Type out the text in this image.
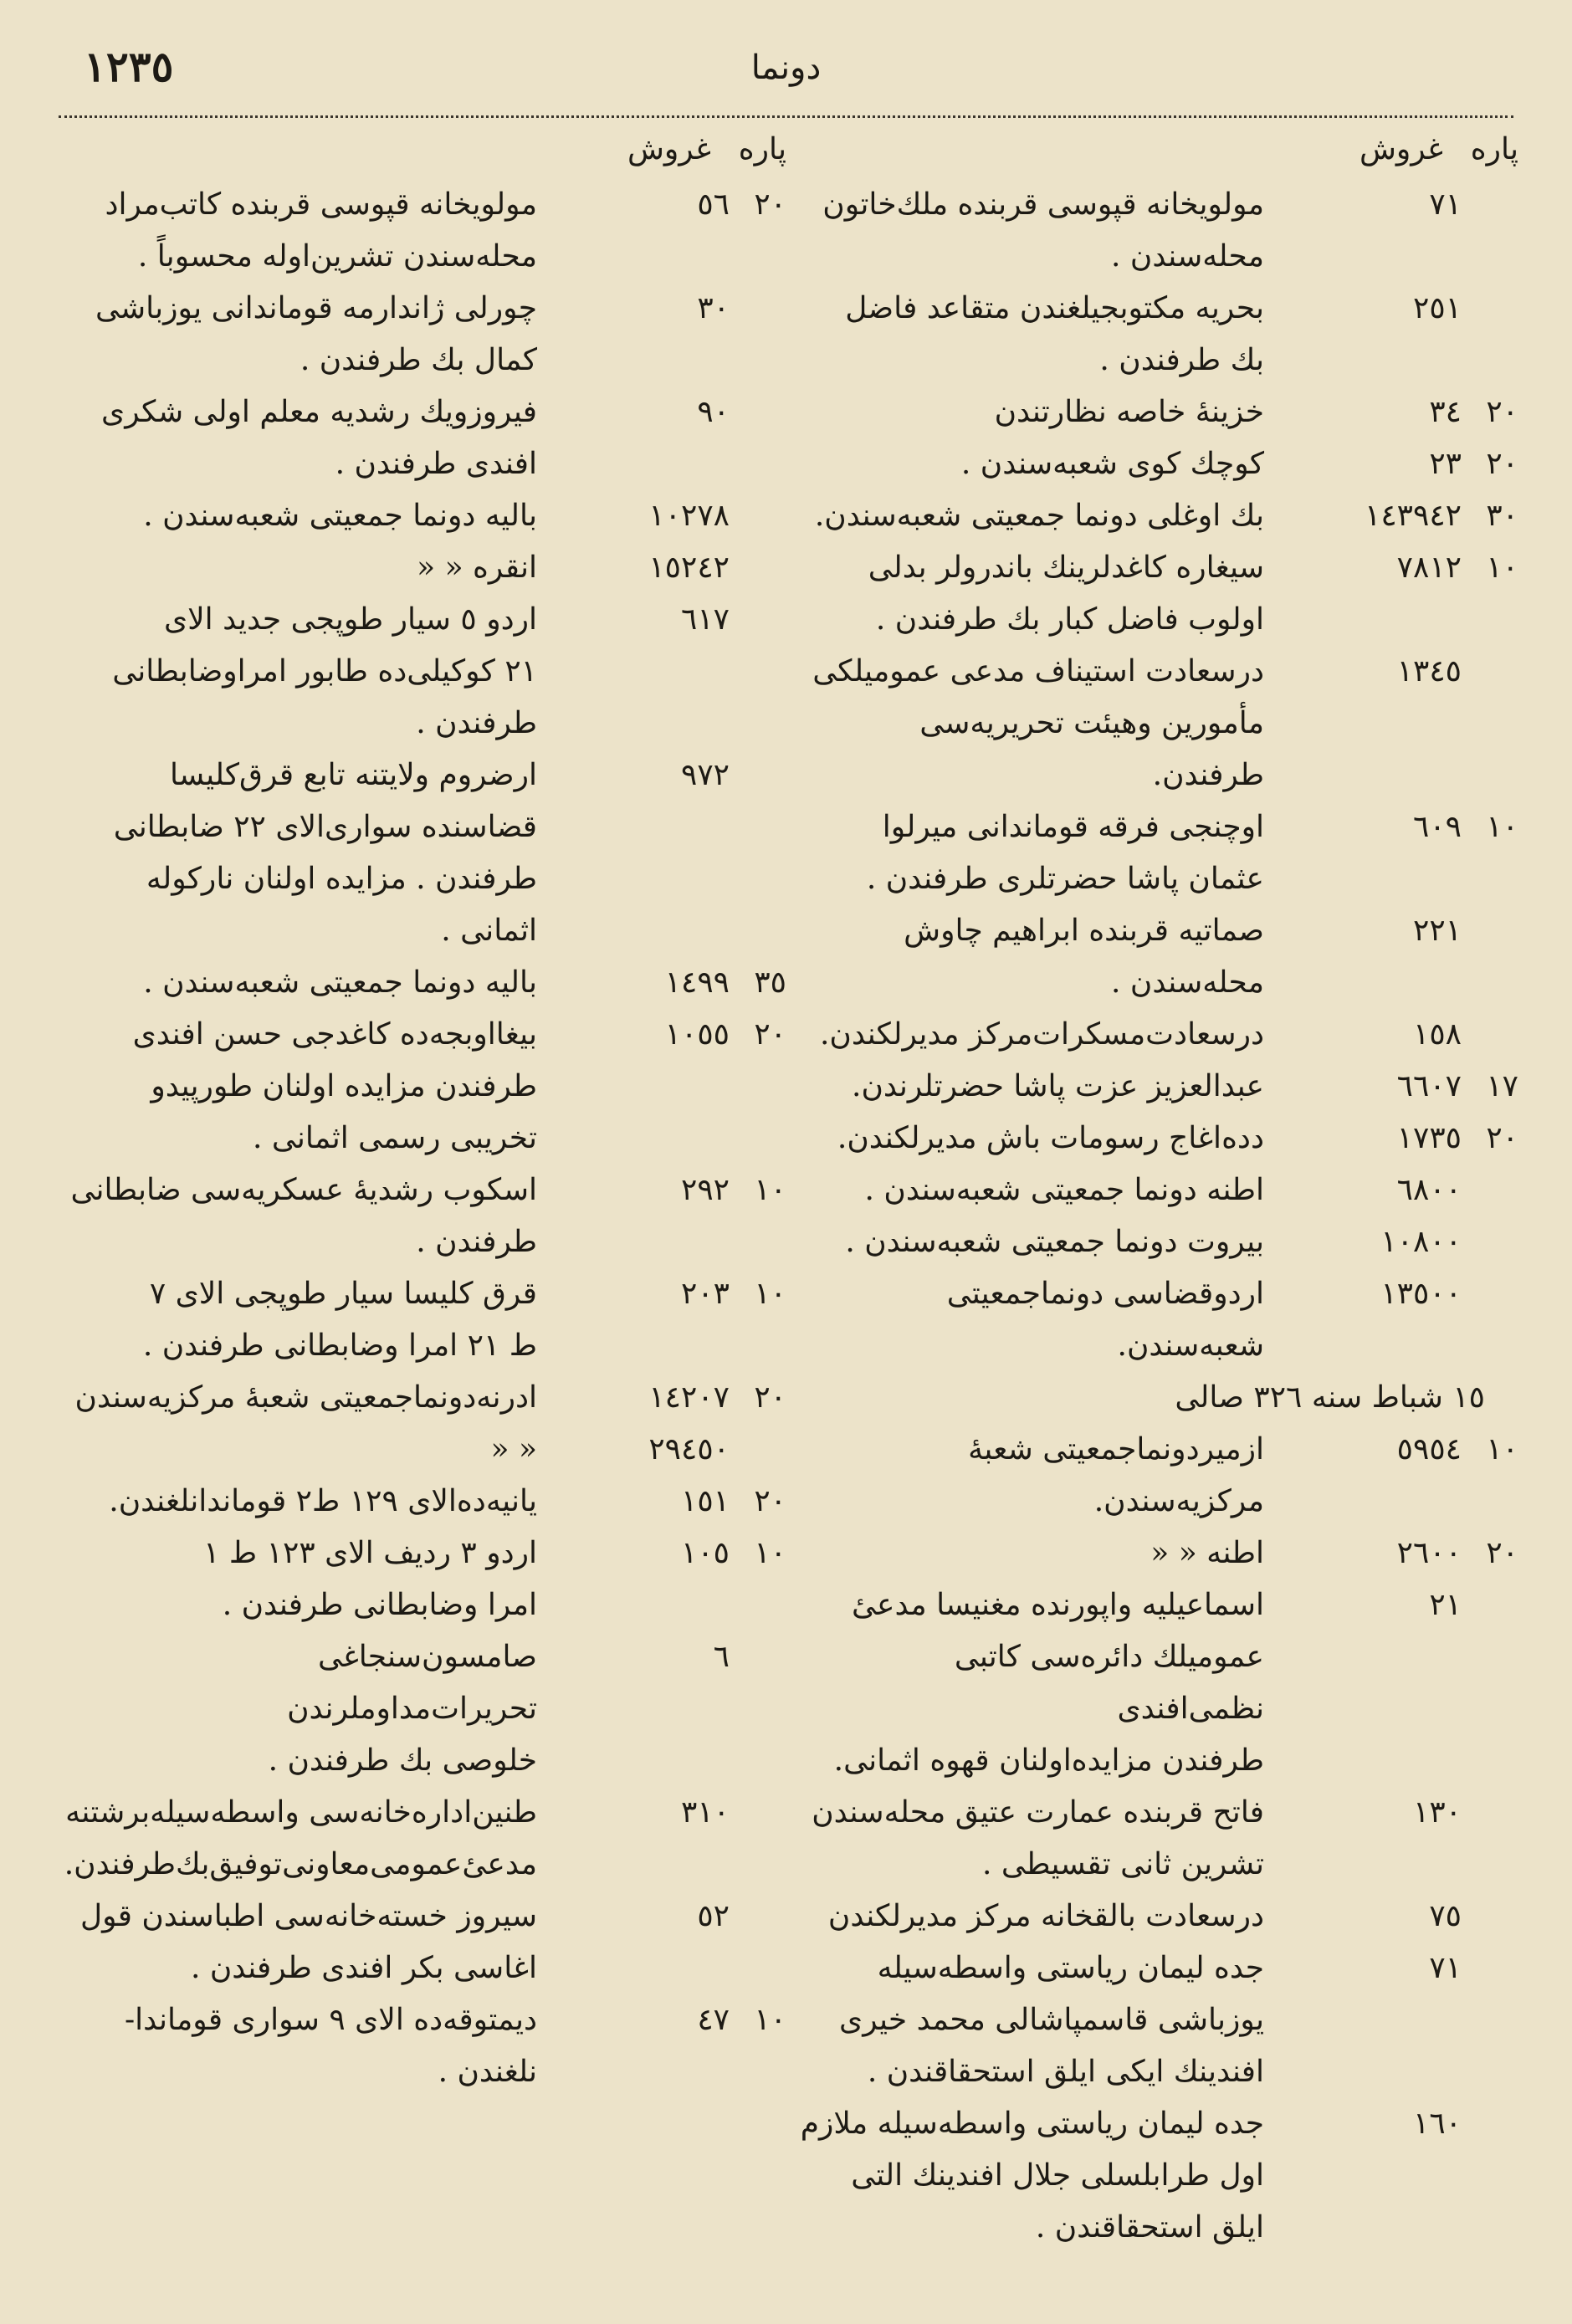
١٢٣٥	دونما
پاره
غروش
٧١
مولویخانه قپوسی قربنده ملك‌خاتون
محله‌سندن .
٢٥١
بحریه مکتوبجیلغندن متقاعد فاضل
بك طرفندن .
٢٠
٣٤
خزینهٔ خاصه نظارتندن
٢٠
٢٣
کوچك کوی شعبه‌سندن .
٣٠
١٤٣٩٤٢
بك اوغلی دونما جمعیتی شعبه‌سندن.
١٠
٧٨١٢
سیغاره کاغدلرینك باندرولر بدلی
اولوب فاضل کبار بك طرفندن .
١٣٤٥
درسعادت استیناف مدعی عمومیلکی
مأمورین وهیئت تحریریه‌سی طرفندن.
١٠
٦٠٩
اوچنجی فرقه قوماندانی میرلوا
عثمان پاشا حضرتلری طرفندن .
٢٢١
صماتیه قربنده ابراهیم چاوش
محله‌سندن .
١٥٨
درسعادت‌مسکرات‌مرکز مدیرلکندن.
١٧
٦٦٠٧
عبدالعزیز عزت پاشا حضرتلرندن.
٢٠
١٧٣٥
دده‌اغاج رسومات باش مدیرلکندن.
٦٨٠٠
اطنه دونما جمعیتی شعبه‌سندن .
١٠٨٠٠
بیروت دونما جمعیتی شعبه‌سندن .
١٣٥٠٠
اردوقضاسی دونماجمعیتی شعبه‌سندن.
١٥ شباط سنه ٣٢٦ صالی
١٠
٥٩٥٤
ازمیردونماجمعیتی شعبهٔ مرکزیه‌سندن.
٢٠
٢٦٠٠
اطنه « «
٢١
اسماعیلیه واپورنده مغنیسا مدعیٔ
عمومیلك دائره‌سی کاتبی نظمی‌افندی
طرفندن مزایده‌اولنان قهوه اثمانی.
١٣٠
فاتح قربنده عمارت عتیق محله‌سندن
تشرین ثانی تقسیطی .
٧٥
درسعادت بالقخانه مرکز مدیرلکندن
٧١
جده لیمان ریاستی واسطه‌سیله
یوزباشی قاسمپاشالی محمد خیری
افندینك ایکی ایلق استحقاقندن .
١٦٠
جده لیمان ریاستی واسطه‌سیله ملازم
اول طرابلسلی جلال افندینك التی
ایلق استحقاقندن .
پاره
غروش
٢٠
٥٦
مولویخانه قپوسی قربنده کاتب‌مراد
محله‌سندن تشرین‌اوله محسوباً .
٣٠
چورلی ژاندارمه قوماندانی یوزباشی
کمال بك طرفندن .
٩٠
فیروزویك رشدیه معلم اولی شکری
افندی طرفندن .
١٠٢٧٨
بالیه دونما جمعیتی شعبه‌سندن .
١٥٢٤٢
انقره « «
٦١٧
اردو ٥ سیار طوپجی جدید الای
٢١ کوکیلی‌ده طابور امراوضابطانی
طرفندن .
٩٧٢
ارضروم ولایتنه تابع قرق‌کلیسا
قضاسنده سواری‌الای ٢٢ ضابطانی
طرفندن . مزایده اولنان نارکوله
اثمانی .
٣٥
١٤٩٩
بالیه دونما جمعیتی شعبه‌سندن .
٢٠
١٠٥٥
بیغااوبجه‌ده کاغدجی حسن افندی
طرفندن مزایده اولنان طورپیدو
تخریبی رسمی اثمانی .
١٠
٢٩٢
اسکوب رشدیهٔ عسکریه‌سی ضابطانی
طرفندن .
١٠
٢٠٣
قرق کلیسا سیار طوپجی الای ٧
ط ٢١ امرا وضابطانی طرفندن .
٢٠
١٤٢٠٧
ادرنه‌دونماجمعیتی شعبهٔ مرکزیه‌سندن
٢٩٤٥٠
« «
٢٠
١٥١
یانیه‌ده‌الای ١٢٩ ط٢ قوماندانلغندن.
١٠
١٠٥
اردو ٣ ردیف الای ١٢٣ ط ١
امرا وضابطانی طرفندن .
٦
صامسون‌سنجاغی تحریرات‌مداوملرندن
خلوصی بك طرفندن .
٣١٠
طنین‌اداره‌خانه‌سی واسطه‌سیله‌برشتنه
مدعیٔ‌عمومی‌معاونی‌توفیق‌بك‌طرفندن.
٥٢
سیروز خسته‌خانه‌سی اطباسندن قول
اغاسی بکر افندی طرفندن .
١٠
٤٧
دیمتوقه‌ده الای ٩ سواری قوماندا-
نلغندن .
